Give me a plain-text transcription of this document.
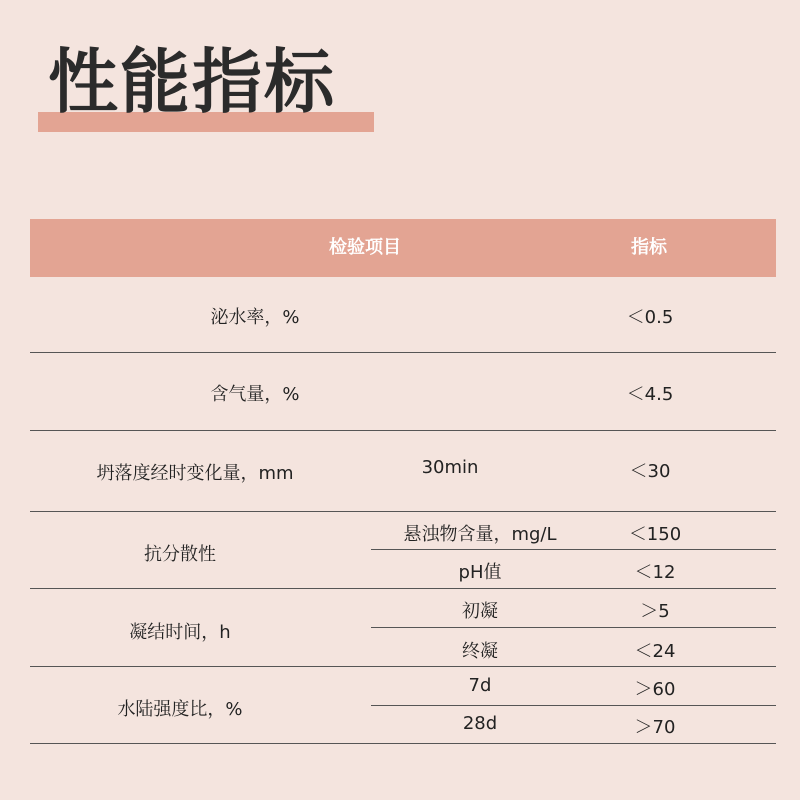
性能指标
检验项目	指标
泌水率，%	＜0.5
含气量，%	＜4.5
坍落度经时变化量，mm	30min	＜30
抗分散性
悬浊物含量，mg/L	＜150
pH值	＜12
凝结时间，h
初凝	＞5
终凝	＜24
水陆强度比，%
7d	＞60
28d	＞70
